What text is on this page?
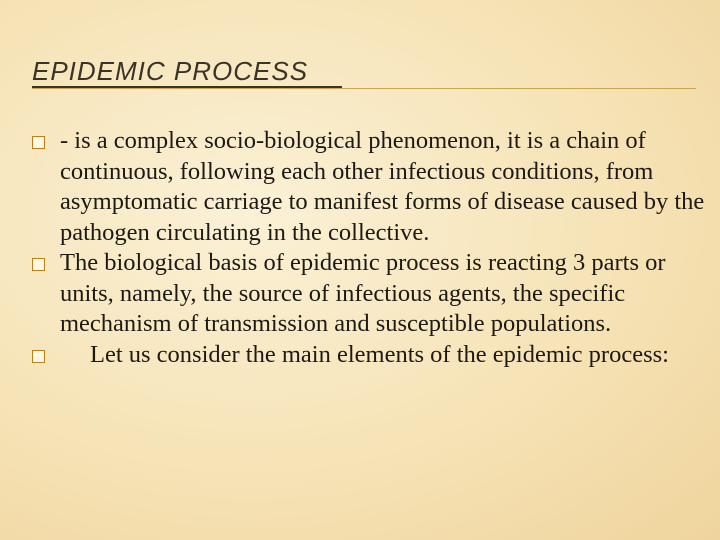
EPIDEMIC PROCESS
- is a complex socio-biological phenomenon, it is a chain of continuous, following each other infectious conditions, from asymptomatic carriage to manifest forms of disease caused by the pathogen circulating in the collective.
The biological basis of epidemic process is reacting 3 parts or units, namely, the source of infectious agents, the specific mechanism of transmission and susceptible populations.
Let us consider the main elements of the epidemic process:
